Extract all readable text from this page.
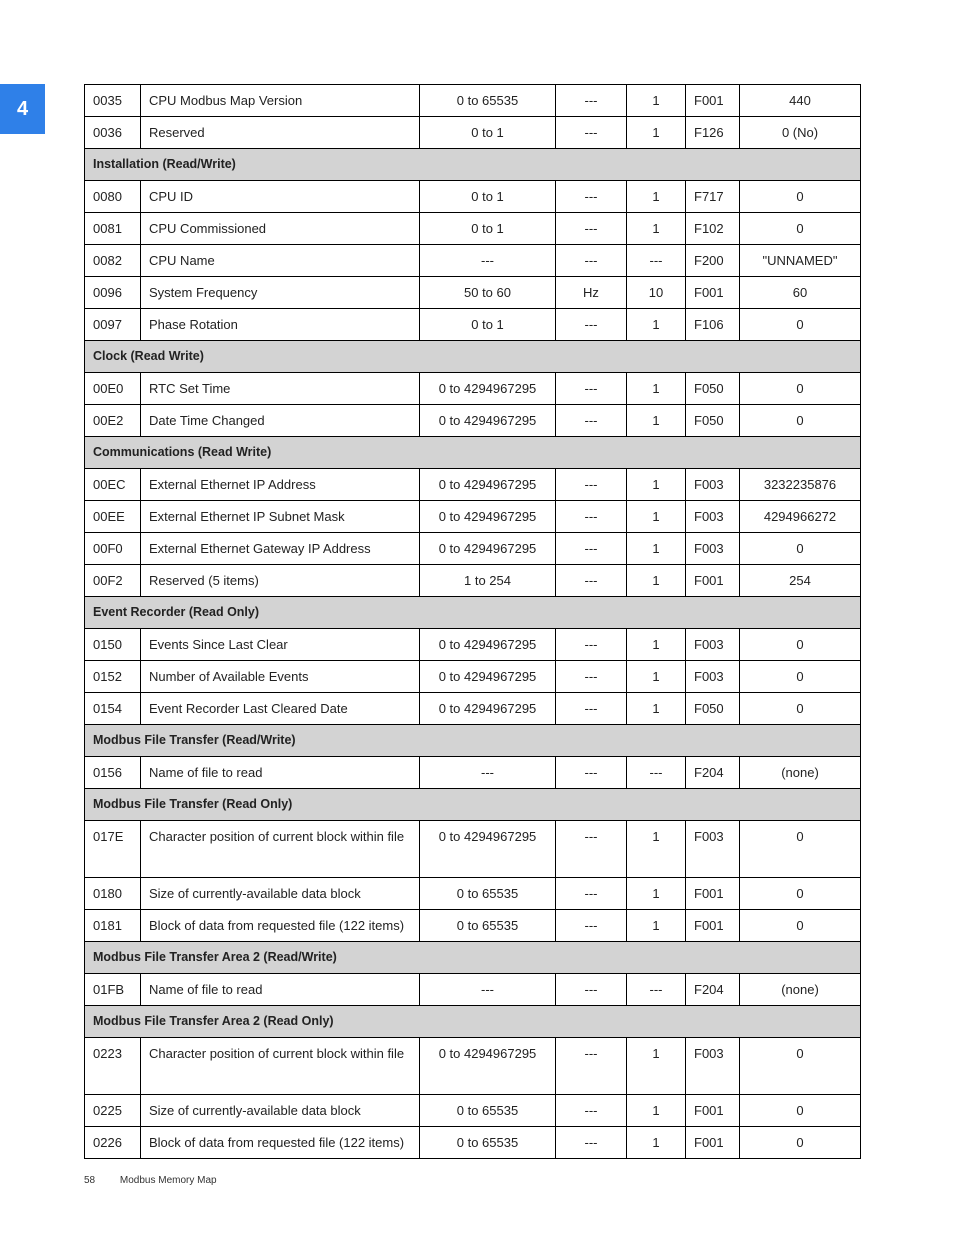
4	0035	CPU Modbus Map Version	0 to 65535	---	1	F001	440
0036	Reserved	0 to 1	---	1	F126	0 (No)
Installation (Read/Write)						
0080	CPU ID	0 to 1	---	1	F717	0
0081	CPU Commissioned	0 to 1	---	1	F102	0
0082	CPU Name	---	---	---	F200	"UNNAMED"
0096	System Frequency	50 to 60	Hz	10	F001	60
0097	Phase Rotation	0 to 1	---	1	F106	0
Clock (Read Write)						
00E0	RTC Set Time	0 to 4294967295	---	1	F050	0
00E2	Date Time Changed	0 to 4294967295	---	1	F050	0
Communications (Read Write)						
00EC	External Ethernet IP Address	0 to 4294967295	---	1	F003	3232235876
00EE	External Ethernet IP Subnet Mask	0 to 4294967295	---	1	F003	4294966272
00F0	External Ethernet Gateway IP Address	0 to 4294967295	---	1	F003	0
00F2	Reserved (5 items)	1 to 254	---	1	F001	254
Event Recorder (Read Only)						
0150	Events Since Last Clear	0 to 4294967295	---	1	F003	0
0152	Number of Available Events	0 to 4294967295	---	1	F003	0
0154	Event Recorder Last Cleared Date	0 to 4294967295	---	1	F050	0
Modbus File Transfer (Read/Write)						
0156	Name of file to read	---	---	---	F204	(none)
Modbus File Transfer (Read Only)						
017E	Character position of current block within file	0 to 4294967295	---	1	F003	0
0180	Size of currently-available data block	0 to 65535	---	1	F001	0
0181	Block of data from requested file (122 items)	0 to 65535	---	1	F001	0
Modbus File Transfer Area 2 (Read/Write)						
01FB	Name of file to read	---	---	---	F204	(none)
Modbus File Transfer Area 2 (Read Only)						
0223	Character position of current block within file	0 to 4294967295	---	1	F003	0
0225	Size of currently-available data block	0 to 65535	---	1	F001	0
0226	Block of data from requested file (122 items)	0 to 65535	---	1	F001	0
58 Modbus Memory Map
